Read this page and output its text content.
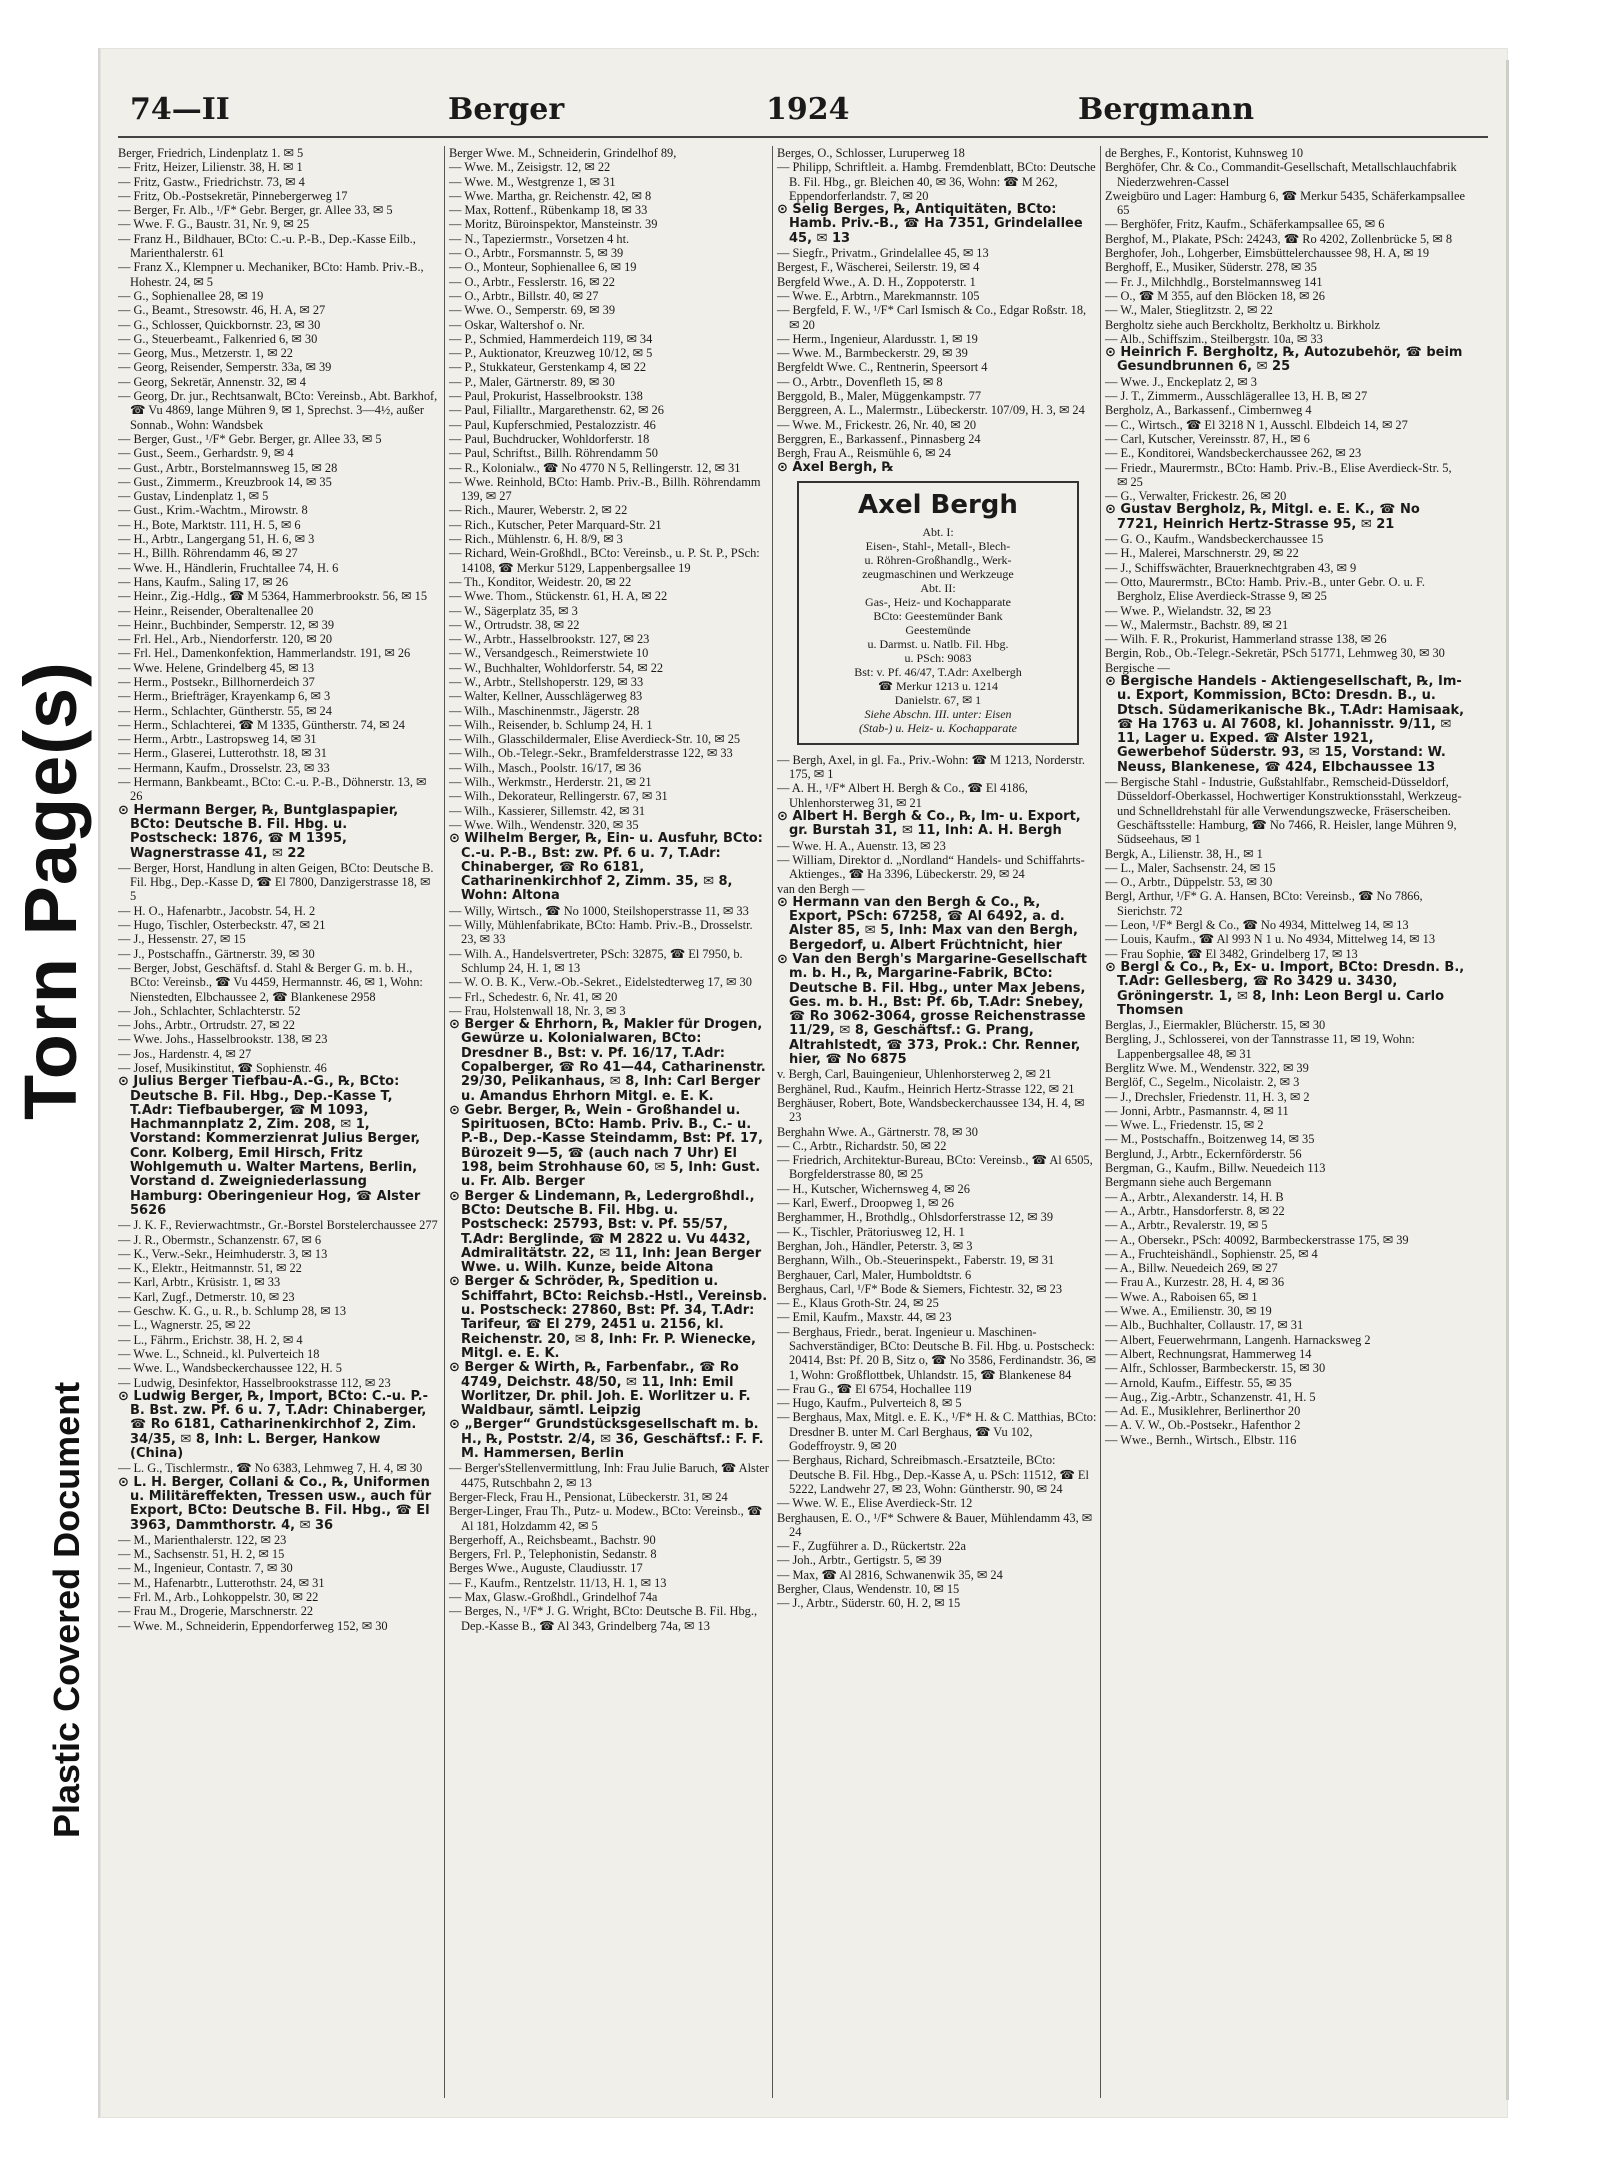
Torn Page(s)
Plastic Covered Document
74—II	Berger	1924	Bergmann

Berger, Friedrich, Lindenplatz 1. ✉ 5

— Fritz, Heizer, Lilienstr. 38, H. ✉ 1

— Fritz, Gastw., Friedrichstr. 73, ✉ 4

— Fritz, Ob.-Postsekretär, Pinnebergerweg 17

— Berger, Fr. Alb., ¹/F* Gebr. Berger, gr. Allee 33, ✉ 5

— Wwe. F. G., Baustr. 31, Nr. 9, ✉ 25

— Franz H., Bildhauer, BCto: C.-u. P.-B., Dep.-Kasse Eilb., Marienthalerstr. 61

— Franz X., Klempner u. Mechaniker, BCto: Hamb. Priv.-B., Hohestr. 24, ✉ 5

— G., Sophienallee 28, ✉ 19

— G., Beamt., Stresowstr. 46, H. A, ✉ 27

— G., Schlosser, Quickbornstr. 23, ✉ 30

— G., Steuerbeamt., Falkenried 6, ✉ 30

— Georg, Mus., Metzerstr. 1, ✉ 22

— Georg, Reisender, Semperstr. 33a, ✉ 39

— Georg, Sekretär, Annenstr. 32, ✉ 4

— Georg, Dr. jur., Rechtsanwalt, BCto: Vereinsb., Abt. Barkhof, ☎ Vu 4869, lange Mühren 9, ✉ 1, Sprechst. 3—4½, außer Sonnab., Wohn: Wandsbek

— Berger, Gust., ¹/F* Gebr. Berger, gr. Allee 33, ✉ 5

— Gust., Seem., Gerhardstr. 9, ✉ 4

— Gust., Arbtr., Borstelmannsweg 15, ✉ 28

— Gust., Zimmerm., Kreuzbrook 14, ✉ 35

— Gustav, Lindenplatz 1, ✉ 5

— Gust., Krim.-Wachtm., Mirowstr. 8

— H., Bote, Marktstr. 111, H. 5, ✉ 6

— H., Arbtr., Langergang 51, H. 6, ✉ 3

— H., Billh. Röhrendamm 46, ✉ 27

— Wwe. H., Händlerin, Fruchtallee 74, H. 6

— Hans, Kaufm., Saling 17, ✉ 26

— Heinr., Zig.-Hdlg., ☎ M 5364, Hammerbrookstr. 56, ✉ 15

— Heinr., Reisender, Oberaltenallee 20

— Heinr., Buchbinder, Semperstr. 12, ✉ 39

— Frl. Hel., Arb., Niendorferstr. 120, ✉ 20

— Frl. Hel., Damenkonfektion, Hammerlandstr. 191, ✉ 26

— Wwe. Helene, Grindelberg 45, ✉ 13

— Herm., Postsekr., Billhornerdeich 37

— Herm., Briefträger, Krayenkamp 6, ✉ 3

— Herm., Schlachter, Güntherstr. 55, ✉ 24

— Herm., Schlachterei, ☎ M 1335, Güntherstr. 74, ✉ 24

— Herm., Arbtr., Lastropsweg 14, ✉ 31

— Herm., Glaserei, Lutterothstr. 18, ✉ 31

— Hermann, Kaufm., Drosselstr. 23, ✉ 33

— Hermann, Bankbeamt., BCto: C.-u. P.-B., Döhnerstr. 13, ✉ 26

⊙ Hermann Berger, ℞, Buntglaspapier, BCto: Deutsche B. Fil. Hbg. u. Postscheck: 1876, ☎ M 1395, Wagnerstrasse 41, ✉ 22

— Berger, Horst, Handlung in alten Geigen, BCto: Deutsche B. Fil. Hbg., Dep.-Kasse D, ☎ El 7800, Danzigerstrasse 18, ✉ 5

— H. O., Hafenarbtr., Jacobstr. 54, H. 2

— Hugo, Tischler, Osterbeckstr. 47, ✉ 21

— J., Hessenstr. 27, ✉ 15

— J., Postschaffn., Gärtnerstr. 39, ✉ 30

— Berger, Jobst, Geschäftsf. d. Stahl & Berger G. m. b. H., BCto: Vereinsb., ☎ Vu 4459, Hermannstr. 46, ✉ 1, Wohn: Nienstedten, Elbchaussee 2, ☎ Blankenese 2958

— Joh., Schlachter, Schlachterstr. 52

— Johs., Arbtr., Ortrudstr. 27, ✉ 22

— Wwe. Johs., Hasselbrookstr. 138, ✉ 23

— Jos., Hardenstr. 4, ✉ 27

— Josef, Musikinstitut, ☎ Sophienstr. 46

⊙ Julius Berger Tiefbau-A.-G., ℞, BCto: Deutsche B. Fil. Hbg., Dep.-Kasse T, T.Adr: Tiefbauberger, ☎ M 1093, Hachmannplatz 2, Zim. 208, ✉ 1, Vorstand: Kommerzienrat Julius Berger, Conr. Kolberg, Emil Hirsch, Fritz Wohlgemuth u. Walter Martens, Berlin, Vorstand d. Zweigniederlassung Hamburg: Oberingenieur Hog, ☎ Alster 5626

— J. K. F., Revierwachtmstr., Gr.-Borstel Borstelerchaussee 277

— J. R., Obermstr., Schanzenstr. 67, ✉ 6

— K., Verw.-Sekr., Heimhuderstr. 3, ✉ 13

— K., Elektr., Heitmannstr. 51, ✉ 22

— Karl, Arbtr., Krüsistr. 1, ✉ 33

— Karl, Zugf., Detmerstr. 10, ✉ 23

— Geschw. K. G., u. R., b. Schlump 28, ✉ 13

— L., Wagnerstr. 25, ✉ 22

— L., Fährm., Erichstr. 38, H. 2, ✉ 4

— Wwe. L., Schneid., kl. Pulverteich 18

— Wwe. L., Wandsbeckerchaussee 122, H. 5

— Ludwig, Desinfektor, Hasselbrookstrasse 112, ✉ 23

⊙ Ludwig Berger, ℞, Import, BCto: C.-u. P.-B. Bst. zw. Pf. 6 u. 7, T.Adr: Chinaberger, ☎ Ro 6181, Catharinenkirchhof 2, Zim. 34/35, ✉ 8, Inh: L. Berger, Hankow (China)

— L. G., Tischlermstr., ☎ No 6383, Lehmweg 7, H. 4, ✉ 30

⊙ L. H. Berger, Collani & Co., ℞, Uniformen u. Militäreffekten, Tressen usw., auch für Export, BCto: Deutsche B. Fil. Hbg., ☎ El 3963, Dammthorstr. 4, ✉ 36

— M., Marienthalerstr. 122, ✉ 23

— M., Sachsenstr. 51, H. 2, ✉ 15

— M., Ingenieur, Contastr. 7, ✉ 30

— M., Hafenarbtr., Lutterothstr. 24, ✉ 31

— Frl. M., Arb., Lohkoppelstr. 30, ✉ 22

— Frau M., Drogerie, Marschnerstr. 22

— Wwe. M., Schneiderin, Eppendorferweg 152, ✉ 30

Berger Wwe. M., Schneiderin, Grindelhof 89,

— Wwe. M., Zeisigstr. 12, ✉ 22

— Wwe. M., Westgrenze 1, ✉ 31

— Wwe. Martha, gr. Reichenstr. 42, ✉ 8

— Max, Rottenf., Rübenkamp 18, ✉ 33

— Moritz, Büroinspektor, Mansteinstr. 39

— N., Tapeziermstr., Vorsetzen 4 ht.

— O., Arbtr., Forsmannstr. 5, ✉ 39

— O., Monteur, Sophienallee 6, ✉ 19

— O., Arbtr., Fesslerstr. 16, ✉ 22

— O., Arbtr., Billstr. 40, ✉ 27

— Wwe. O., Semperstr. 69, ✉ 39

— Oskar, Waltershof o. Nr.

— P., Schmied, Hammerdeich 119, ✉ 34

— P., Auktionator, Kreuzweg 10/12, ✉ 5

— P., Stukkateur, Gerstenkamp 4, ✉ 22

— P., Maler, Gärtnerstr. 89, ✉ 30

— Paul, Prokurist, Hasselbrookstr. 138

— Paul, Filialltr., Margarethenstr. 62, ✉ 26

— Paul, Kupferschmied, Pestalozzistr. 46

— Paul, Buchdrucker, Wohldorferstr. 18

— Paul, Schriftst., Billh. Röhrendamm 50

— R., Kolonialw., ☎ No 4770 N 5, Rellingerstr. 12, ✉ 31

— Wwe. Reinhold, BCto: Hamb. Priv.-B., Billh. Röhrendamm 139, ✉ 27

— Rich., Maurer, Weberstr. 2, ✉ 22

— Rich., Kutscher, Peter Marquard-Str. 21

— Rich., Mühlenstr. 6, H. 8/9, ✉ 3

— Richard, Wein-Großhdl., BCto: Vereinsb., u. P. St. P., PSch: 14108, ☎ Merkur 5129, Lappenbergsallee 19

— Th., Konditor, Weidestr. 20, ✉ 22

— Wwe. Thom., Stückenstr. 61, H. A, ✉ 22

— W., Sägerplatz 35, ✉ 3

— W., Ortrudstr. 38, ✉ 22

— W., Arbtr., Hasselbrookstr. 127, ✉ 23

— W., Versandgesch., Reimerstwiete 10

— W., Buchhalter, Wohldorferstr. 54, ✉ 22

— W., Arbtr., Stellshoperstr. 129, ✉ 33

— Walter, Kellner, Ausschlägerweg 83

— Wilh., Maschinenmstr., Jägerstr. 28

— Wilh., Reisender, b. Schlump 24, H. 1

— Wilh., Glasschildermaler, Elise Averdieck-Str. 10, ✉ 25

— Wilh., Ob.-Telegr.-Sekr., Bramfelderstrasse 122, ✉ 33

— Wilh., Masch., Poolstr. 16/17, ✉ 36

— Wilh., Werkmstr., Herderstr. 21, ✉ 21

— Wilh., Dekorateur, Rellingerstr. 67, ✉ 31

— Wilh., Kassierer, Sillemstr. 42, ✉ 31

— Wwe. Wilh., Wendenstr. 320, ✉ 35

⊙ Wilhelm Berger, ℞, Ein- u. Ausfuhr, BCto: C.-u. P.-B., Bst: zw. Pf. 6 u. 7, T.Adr: Chinaberger, ☎ Ro 6181, Catharinenkirchhof 2, Zimm. 35, ✉ 8, Wohn: Altona

— Willy, Wirtsch., ☎ No 1000, Steilshoperstrasse 11, ✉ 33

— Willy, Mühlenfabrikate, BCto: Hamb. Priv.-B., Drosselstr. 23, ✉ 33

— Wilh. A., Handelsvertreter, PSch: 32875, ☎ El 7950, b. Schlump 24, H. 1, ✉ 13

— W. O. B. K., Verw.-Ob.-Sekret., Eidelstedterweg 17, ✉ 30

— Frl., Schedestr. 6, Nr. 41, ✉ 20

— Frau, Holstenwall 18, Nr. 3, ✉ 3

⊙ Berger & Ehrhorn, ℞, Makler für Drogen, Gewürze u. Kolonialwaren, BCto: Dresdner B., Bst: v. Pf. 16/17, T.Adr: Copalberger, ☎ Ro 41—44, Catharinenstr. 29/30, Pelikanhaus, ✉ 8, Inh: Carl Berger u. Amandus Ehrhorn Mitgl. e. E. K.

⊙ Gebr. Berger, ℞, Wein - Großhandel u. Spirituosen, BCto: Hamb. Priv. B., C.- u. P.-B., Dep.-Kasse Steindamm, Bst: Pf. 17, Bürozeit 9—5, ☎ (auch nach 7 Uhr) El 198, beim Strohhause 60, ✉ 5, Inh: Gust. u. Fr. Alb. Berger

⊙ Berger & Lindemann, ℞, Ledergroßhdl., BCto: Deutsche B. Fil. Hbg. u. Postscheck: 25793, Bst: v. Pf. 55/57, T.Adr: Berglinde, ☎ M 2822 u. Vu 4432, Admiralitätstr. 22, ✉ 11, Inh: Jean Berger Wwe. u. Wilh. Kunze, beide Altona

⊙ Berger & Schröder, ℞, Spedition u. Schiffahrt, BCto: Reichsb.-Hstl., Vereinsb. u. Postscheck: 27860, Bst: Pf. 34, T.Adr: Tarifeur, ☎ El 279, 2451 u. 2156, kl. Reichenstr. 20, ✉ 8, Inh: Fr. P. Wienecke, Mitgl. e. E. K.

⊙ Berger & Wirth, ℞, Farbenfabr., ☎ Ro 4749, Deichstr. 48/50, ✉ 11, Inh: Emil Worlitzer, Dr. phil. Joh. E. Worlitzer u. F. Waldbaur, sämtl. Leipzig

⊙ „Berger“ Grundstücksgesellschaft m. b. H., ℞, Poststr. 2/4, ✉ 36, Geschäftsf.: F. F. M. Hammersen, Berlin

— Berger'sStellenvermittlung, Inh: Frau Julie Baruch, ☎ Alster 4475, Rutschbahn 2, ✉ 13

Berger-Fleck, Frau H., Pensionat, Lübeckerstr. 31, ✉ 24

Berger-Linger, Frau Th., Putz- u. Modew., BCto: Vereinsb., ☎ Al 181, Holzdamm 42, ✉ 5

Bergerhoff, A., Reichsbeamt., Bachstr. 90

Bergers, Frl. P., Telephonistin, Sedanstr. 8

Berges Wwe., Auguste, Claudiusstr. 17

— F., Kaufm., Rentzelstr. 11/13, H. 1, ✉ 13

— Max, Glasw.-Großhdl., Grindelhof 74a

— Berges, N., ¹/F* J. G. Wright, BCto: Deutsche B. Fil. Hbg., Dep.-Kasse B., ☎ Al 343, Grindelberg 74a, ✉ 13

Berges, O., Schlosser, Luruperweg 18

— Philipp, Schriftleit. a. Hambg. Fremdenblatt, BCto: Deutsche B. Fil. Hbg., gr. Bleichen 40, ✉ 36, Wohn: ☎ M 262, Eppendorferlandstr. 7, ✉ 20

⊙ Selig Berges, ℞, Antiquitäten, BCto: Hamb. Priv.-B., ☎ Ha 7351, Grindelallee 45, ✉ 13

— Siegfr., Privatm., Grindelallee 45, ✉ 13

Bergest, F., Wäscherei, Seilerstr. 19, ✉ 4

Bergfeld Wwe., A. D. H., Zoppoterstr. 1

— Wwe. E., Arbtrn., Marekmannstr. 105

— Bergfeld, F. W., ¹/F* Carl Ismisch & Co., Edgar Roßstr. 18, ✉ 20

— Herm., Ingenieur, Alardusstr. 1, ✉ 19

— Wwe. M., Barmbeckerstr. 29, ✉ 39

Bergfeldt Wwe. C., Rentnerin, Speersort 4

— O., Arbtr., Dovenfleth 15, ✉ 8

Berggold, B., Maler, Müggenkampstr. 77

Berggreen, A. L., Malermstr., Lübeckerstr. 107/09, H. 3, ✉ 24

— Wwe. M., Frickestr. 26, Nr. 40, ✉ 20

Berggren, E., Barkassenf., Pinnasberg 24

Bergh, Frau A., Reismühle 6, ✉ 24

⊙ Axel Bergh, ℞

Axel Bergh
Abt. I:
Eisen-, Stahl-, Metall-, Blech-
u. Röhren-Großhandlg., Werk-
zeugmaschinen und Werkzeuge
Abt. II:
Gas-, Heiz- und Kochapparate
BCto: Geestemünder Bank
Geestemünde
u. Darmst. u. Natlb. Fil. Hbg.
u. PSch: 9083
Bst: v. Pf. 46/47, T.Adr: Axelbergh
☎ Merkur 1213 u. 1214
Danielstr. 67, ✉ 1
Siehe Abschn. III. unter: Eisen
(Stab-) u. Heiz- u. Kochapparate

— Bergh, Axel, in gl. Fa., Priv.-Wohn: ☎ M 1213, Norderstr. 175, ✉ 1

— A. H., ¹/F* Albert H. Bergh & Co., ☎ El 4186, Uhlenhorsterweg 31, ✉ 21

⊙ Albert H. Bergh & Co., ℞, Im- u. Export, gr. Burstah 31, ✉ 11, Inh: A. H. Bergh

— Wwe. H. A., Auenstr. 13, ✉ 23

— William, Direktor d. „Nordland“ Handels- und Schiffahrts-Aktienges., ☎ Ha 3396, Lübeckerstr. 29, ✉ 24

van den Bergh —

⊙ Hermann van den Bergh & Co., ℞, Export, PSch: 67258, ☎ Al 6492, a. d. Alster 85, ✉ 5, Inh: Max van den Bergh, Bergedorf, u. Albert Früchtnicht, hier

⊙ Van den Bergh's Margarine-Gesellschaft m. b. H., ℞, Margarine-Fabrik, BCto: Deutsche B. Fil. Hbg., unter Max Jebens, Ges. m. b. H., Bst: Pf. 6b, T.Adr: Snebey, ☎ Ro 3062-3064, grosse Reichenstrasse 11/29, ✉ 8, Geschäftsf.: G. Prang, Altrahlstedt, ☎ 373, Prok.: Chr. Renner, hier, ☎ No 6875

v. Bergh, Carl, Bauingenieur, Uhlenhorsterweg 2, ✉ 21

Berghänel, Rud., Kaufm., Heinrich Hertz-Strasse 122, ✉ 21

Berghäuser, Robert, Bote, Wandsbeckerchaussee 134, H. 4, ✉ 23

Berghahn Wwe. A., Gärtnerstr. 78, ✉ 30

— C., Arbtr., Richardstr. 50, ✉ 22

— Friedrich, Architektur-Bureau, BCto: Vereinsb., ☎ Al 6505, Borgfelderstrasse 80, ✉ 25

— H., Kutscher, Wichernsweg 4, ✉ 26

— Karl, Ewerf., Droopweg 1, ✉ 26

Berghammer, H., Brothdlg., Ohlsdorferstrasse 12, ✉ 39

— K., Tischler, Prätoriusweg 12, H. 1

Berghan, Joh., Händler, Peterstr. 3, ✉ 3

Berghann, Wilh., Ob.-Steuerinspekt., Faberstr. 19, ✉ 31

Berghauer, Carl, Maler, Humboldtstr. 6

Berghaus, Carl, ¹/F* Bode & Siemers, Fichtestr. 32, ✉ 23

— E., Klaus Groth-Str. 24, ✉ 25

— Emil, Kaufm., Maxstr. 44, ✉ 23

— Berghaus, Friedr., berat. Ingenieur u. Maschinen-Sachverständiger, BCto: Deutsche B. Fil. Hbg. u. Postscheck: 20414, Bst: Pf. 20 B, Sitz o, ☎ No 3586, Ferdinandstr. 36, ✉ 1, Wohn: Großflottbek, Uhlandstr. 15, ☎ Blankenese 84

— Frau G., ☎ El 6754, Hochallee 119

— Hugo, Kaufm., Pulverteich 8, ✉ 5

— Berghaus, Max, Mitgl. e. E. K., ¹/F* H. & C. Matthias, BCto: Dresdner B. unter M. Carl Berghaus, ☎ Vu 102, Godeffroystr. 9, ✉ 20

— Berghaus, Richard, Schreibmasch.-Ersatzteile, BCto: Deutsche B. Fil. Hbg., Dep.-Kasse A, u. PSch: 11512, ☎ El 5222, Landwehr 27, ✉ 23, Wohn: Güntherstr. 90, ✉ 24

— Wwe. W. E., Elise Averdieck-Str. 12

Berghausen, E. O., ¹/F* Schwere & Bauer, Mühlendamm 43, ✉ 24

— F., Zugführer a. D., Rückertstr. 22a

— Joh., Arbtr., Gertigstr. 5, ✉ 39

— Max, ☎ Al 2816, Schwanenwik 35, ✉ 24

Bergher, Claus, Wendenstr. 10, ✉ 15

— J., Arbtr., Süderstr. 60, H. 2, ✉ 15

de Berghes, F., Kontorist, Kuhnsweg 10

Berghöfer, Chr. & Co., Commandit-Gesellschaft, Metallschlauchfabrik Niederzwehren-Cassel

Zweigbüro und Lager: Hamburg 6, ☎ Merkur 5435, Schäferkampsallee 65

— Berghöfer, Fritz, Kaufm., Schäferkampsallee 65, ✉ 6

Berghof, M., Plakate, PSch: 24243, ☎ Ro 4202, Zollenbrücke 5, ✉ 8

Berghofer, Joh., Lohgerber, Eimsbüttelerchaussee 98, H. A, ✉ 19

Berghoff, E., Musiker, Süderstr. 278, ✉ 35

— Fr. J., Milchhdlg., Borstelmannsweg 141

— O., ☎ M 355, auf den Blöcken 18, ✉ 26

— W., Maler, Stieglitzstr. 2, ✉ 22

Bergholtz siehe auch Berckholtz, Berkholtz u. Birkholz

— Alb., Schiffszim., Steilbergstr. 10a, ✉ 33

⊙ Heinrich F. Bergholtz, ℞, Autozubehör, ☎ beim Gesundbrunnen 6, ✉ 25

— Wwe. J., Enckeplatz 2, ✉ 3

— J. T., Zimmerm., Ausschlägerallee 13, H. B, ✉ 27

Bergholz, A., Barkassenf., Cimbernweg 4

— C., Wirtsch., ☎ El 3218 N 1, Ausschl. Elbdeich 14, ✉ 27

— Carl, Kutscher, Vereinsstr. 87, H., ✉ 6

— E., Konditorei, Wandsbeckerchaussee 262, ✉ 23

— Friedr., Maurermstr., BCto: Hamb. Priv.-B., Elise Averdieck-Str. 5, ✉ 25

— G., Verwalter, Frickestr. 26, ✉ 20

⊙ Gustav Bergholz, ℞, Mitgl. e. E. K., ☎ No 7721, Heinrich Hertz-Strasse 95, ✉ 21

— G. O., Kaufm., Wandsbeckerchaussee 15

— H., Malerei, Marschnerstr. 29, ✉ 22

— J., Schiffswächter, Brauerknechtgraben 43, ✉ 9

— Otto, Maurermstr., BCto: Hamb. Priv.-B., unter Gebr. O. u. F. Bergholz, Elise Averdieck-Strasse 9, ✉ 25

— Wwe. P., Wielandstr. 32, ✉ 23

— W., Malermstr., Bachstr. 89, ✉ 21

— Wilh. F. R., Prokurist, Hammerland strasse 138, ✉ 26

Bergin, Rob., Ob.-Telegr.-Sekretär, PSch 51771, Lehmweg 30, ✉ 30

Bergische —

⊙ Bergische Handels - Aktiengesellschaft, ℞, Im- u. Export, Kommission, BCto: Dresdn. B., u. Dtsch. Südamerikanische Bk., T.Adr: Hamisaak, ☎ Ha 1763 u. Al 7608, kl. Johannisstr. 9/11, ✉ 11, Lager u. Exped. ☎ Alster 1921, Gewerbehof Süderstr. 93, ✉ 15, Vorstand: W. Neuss, Blankenese, ☎ 424, Elbchaussee 13

— Bergische Stahl - Industrie, Gußstahlfabr., Remscheid-Düsseldorf, Düsseldorf-Oberkassel, Hochwertiger Konstruktionsstahl, Werkzeug- und Schnelldrehstahl für alle Verwendungszwecke, Fräserscheiben. Geschäftsstelle: Hamburg, ☎ No 7466, R. Heisler, lange Mühren 9, Südseehaus, ✉ 1

Bergk, A., Lilienstr. 38, H., ✉ 1

— L., Maler, Sachsenstr. 24, ✉ 15

— O., Arbtr., Düppelstr. 53, ✉ 30

Bergl, Arthur, ¹/F* G. A. Hansen, BCto: Vereinsb., ☎ No 7866, Sierichstr. 72

— Leon, ¹/F* Bergl & Co., ☎ No 4934, Mittelweg 14, ✉ 13

— Louis, Kaufm., ☎ Al 993 N 1 u. No 4934, Mittelweg 14, ✉ 13

— Frau Sophie, ☎ El 3482, Grindelberg 17, ✉ 13

⊙ Bergl & Co., ℞, Ex- u. Import, BCto: Dresdn. B., T.Adr: Gellesberg, ☎ Ro 3429 u. 3430, Gröningerstr. 1, ✉ 8, Inh: Leon Bergl u. Carlo Thomsen

Berglas, J., Eiermakler, Blücherstr. 15, ✉ 30

Bergling, J., Schlosserei, von der Tannstrasse 11, ✉ 19, Wohn: Lappenbergsallee 48, ✉ 31

Berglitz Wwe. M., Wendenstr. 322, ✉ 39

Berglöf, C., Segelm., Nicolaistr. 2, ✉ 3

— J., Drechsler, Friedenstr. 11, H. 3, ✉ 2

— Jonni, Arbtr., Pasmannstr. 4, ✉ 11

— Wwe. L., Friedenstr. 15, ✉ 2

— M., Postschaffn., Boitzenweg 14, ✉ 35

Berglund, J., Arbtr., Eckernförderstr. 56

Bergman, G., Kaufm., Billw. Neuedeich 113

Bergmann siehe auch Bergemann

— A., Arbtr., Alexanderstr. 14, H. B

— A., Arbtr., Hansdorferstr. 8, ✉ 22

— A., Arbtr., Revalerstr. 19, ✉ 5

— A., Obersekr., PSch: 40092, Barmbeckerstrasse 175, ✉ 39

— A., Fruchteishändl., Sophienstr. 25, ✉ 4

— A., Billw. Neuedeich 269, ✉ 27

— Frau A., Kurzestr. 28, H. 4, ✉ 36

— Wwe. A., Raboisen 65, ✉ 1

— Wwe. A., Emilienstr. 30, ✉ 19

— Alb., Buchhalter, Collaustr. 17, ✉ 31

— Albert, Feuerwehrmann, Langenh. Harnacksweg 2

— Albert, Rechnungsrat, Hammerweg 14

— Alfr., Schlosser, Barmbeckerstr. 15, ✉ 30

— Arnold, Kaufm., Eiffestr. 55, ✉ 35

— Aug., Zig.-Arbtr., Schanzenstr. 41, H. 5

— Ad. E., Musiklehrer, Berlinerthor 20

— A. V. W., Ob.-Postsekr., Hafenthor 2

— Wwe., Bernh., Wirtsch., Elbstr. 116
